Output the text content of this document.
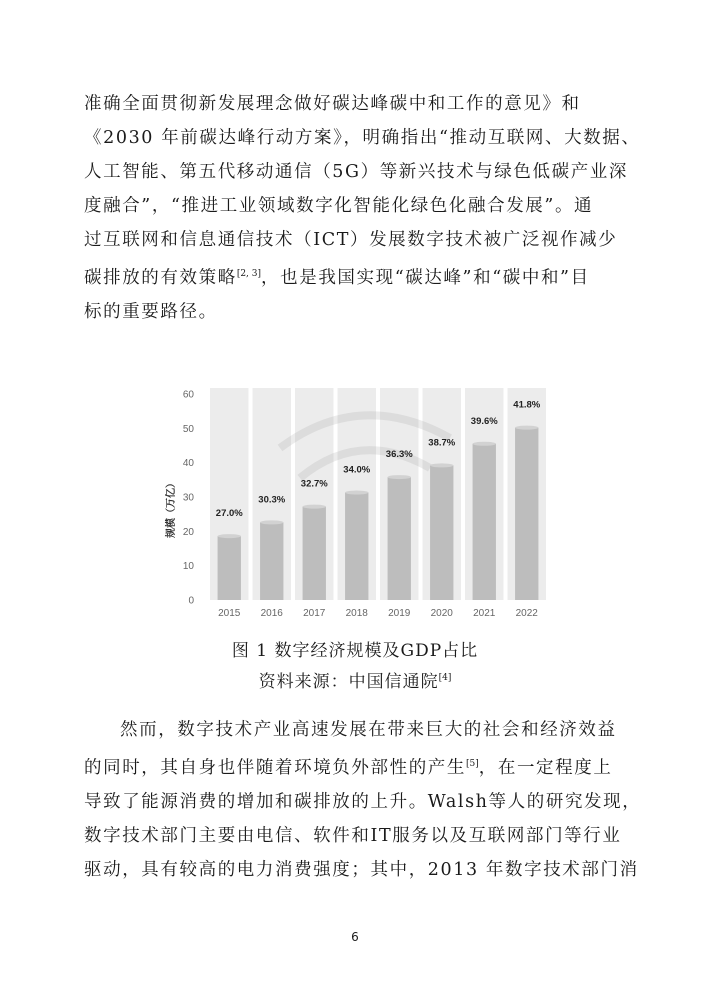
准确全面贯彻新发展理念做好碳达峰碳中和工作的意见》和
《2030 年前碳达峰行动方案》，明确指出“推动互联网、大数据、
人工智能、第五代移动通信（5G）等新兴技术与绿色低碳产业深
度融合”，“推进工业领域数字化智能化绿色化融合发展”。通
过互联网和信息通信技术（ICT）发展数字技术被广泛视作减少
碳排放的有效策略[2, 3]，也是我国实现“碳达峰”和“碳中和”目
标的重要路径。
0
10
20
30
40
50
60
27.0%
30.3%
32.7%
34.0%
36.3%
38.7%
39.6%
41.8%
2015 2016 2017 2018 2019 2020 2021 2022
规模（万亿）

图 1 数字经济规模及GDP占比

资料来源：中国信通院[4]

然而，数字技术产业高速发展在带来巨大的社会和经济效益
的同时，其自身也伴随着环境负外部性的产生[5]，在一定程度上
导致了能源消费的增加和碳排放的上升。Walsh等人的研究发现，
数字技术部门主要由电信、软件和IT服务以及互联网部门等行业
驱动，具有较高的电力消费强度；其中，2013 年数字技术部门消
6
